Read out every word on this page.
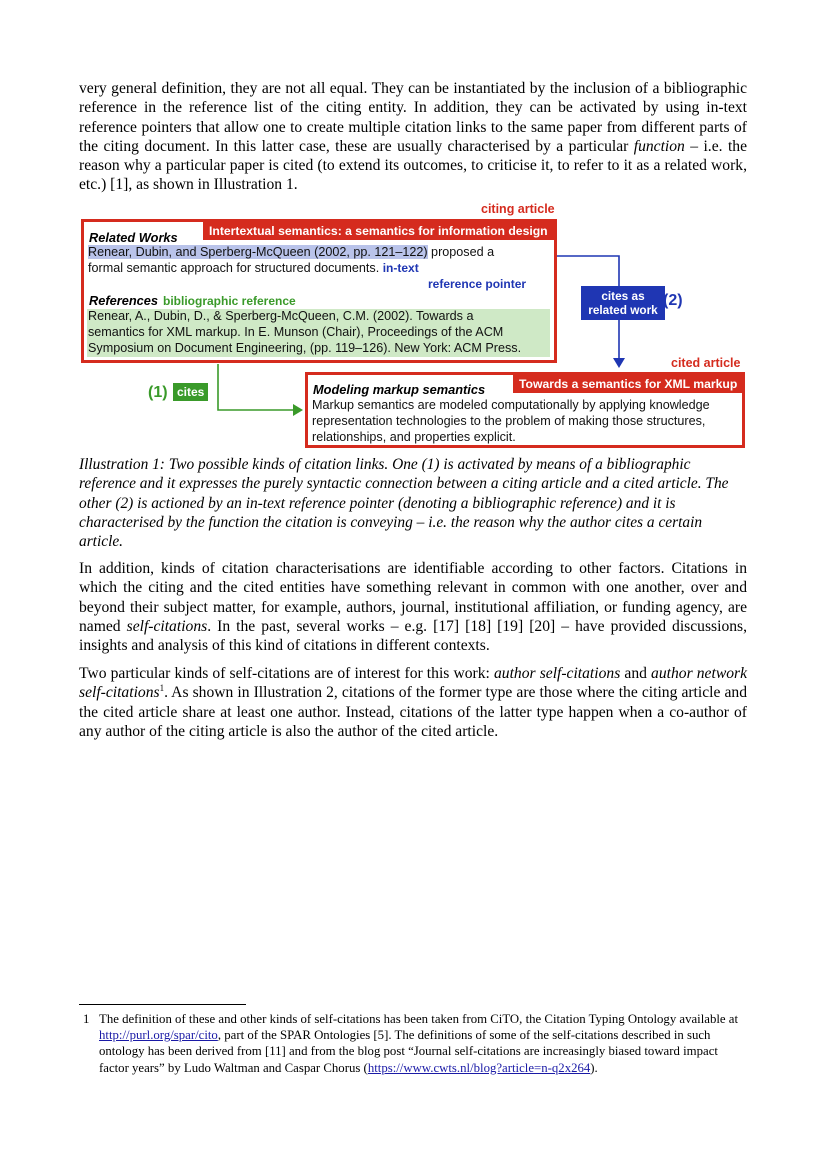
very general definition, they are not all equal. They can be instantiated by the inclusion of a bibliographic reference in the reference list of the citing entity. In addition, they can be activated by using in-text reference pointers that allow one to create multiple citation links to the same paper from different parts of the citing document. In this latter case, these are usually characterised by a particular function – i.e. the reason why a particular paper is cited (to extend its outcomes, to criticise it, to refer to it as a related work, etc.) [1], as shown in Illustration 1.

citing article
Intertextual semantics: a semantics for information design
Related Works
Renear, Dubin, and Sperberg-McQueen (2002, pp. 121–122) proposed a
formal semantic approach for structured documents. in-text
reference pointer
References bibliographic reference
Renear, A., Dubin, D., & Sperberg-McQueen, C.M. (2002). Towards a
semantics for XML markup. In E. Munson (Chair), Proceedings of the ACM
Symposium on Document Engineering, (pp. 119–126). New York: ACM Press.
cites as
related work
(2)
cited article
(1) cites
Towards a semantics for XML markup
Modeling markup semantics
Markup semantics are modeled computationally by applying knowledge
representation technologies to the problem of making those structures,
relationships, and properties explicit.

Illustration 1: Two possible kinds of citation links. One (1) is activated by means of a bibliographic reference and it expresses the purely syntactic connection between a citing article and a cited article. The other (2) is actioned by an in-text reference pointer (denoting a bibliographic reference) and it is characterised by the function the citation is conveying – i.e. the reason why the author cites a certain article.

In addition, kinds of citation characterisations are identifiable according to other factors. Citations in which the citing and the cited entities have something relevant in common with one another, over and beyond their subject matter, for example, authors, journal, institutional affiliation, or funding agency, are named self-citations. In the past, several works – e.g. [17] [18] [19] [20] – have provided discussions, insights and analysis of this kind of citations in different contexts.

Two particular kinds of self-citations are of interest for this work: author self-citations and author network self-citations$^1$. As shown in Illustration 2, citations of the former type are those where the citing article and the cited article share at least one author. Instead, citations of the latter type happen when a co-author of any author of the citing article is also the author of the cited article.

1 The definition of these and other kinds of self-citations has been taken from CiTO, the Citation Typing Ontology available at http://purl.org/spar/cito, part of the SPAR Ontologies [5]. The definitions of some of the self-citations described in such ontology has been derived from [11] and from the blog post “Journal self-citations are increasingly biased toward impact factor years” by Ludo Waltman and Caspar Chorus (https://www.cwts.nl/blog?article=n-q2x264).
